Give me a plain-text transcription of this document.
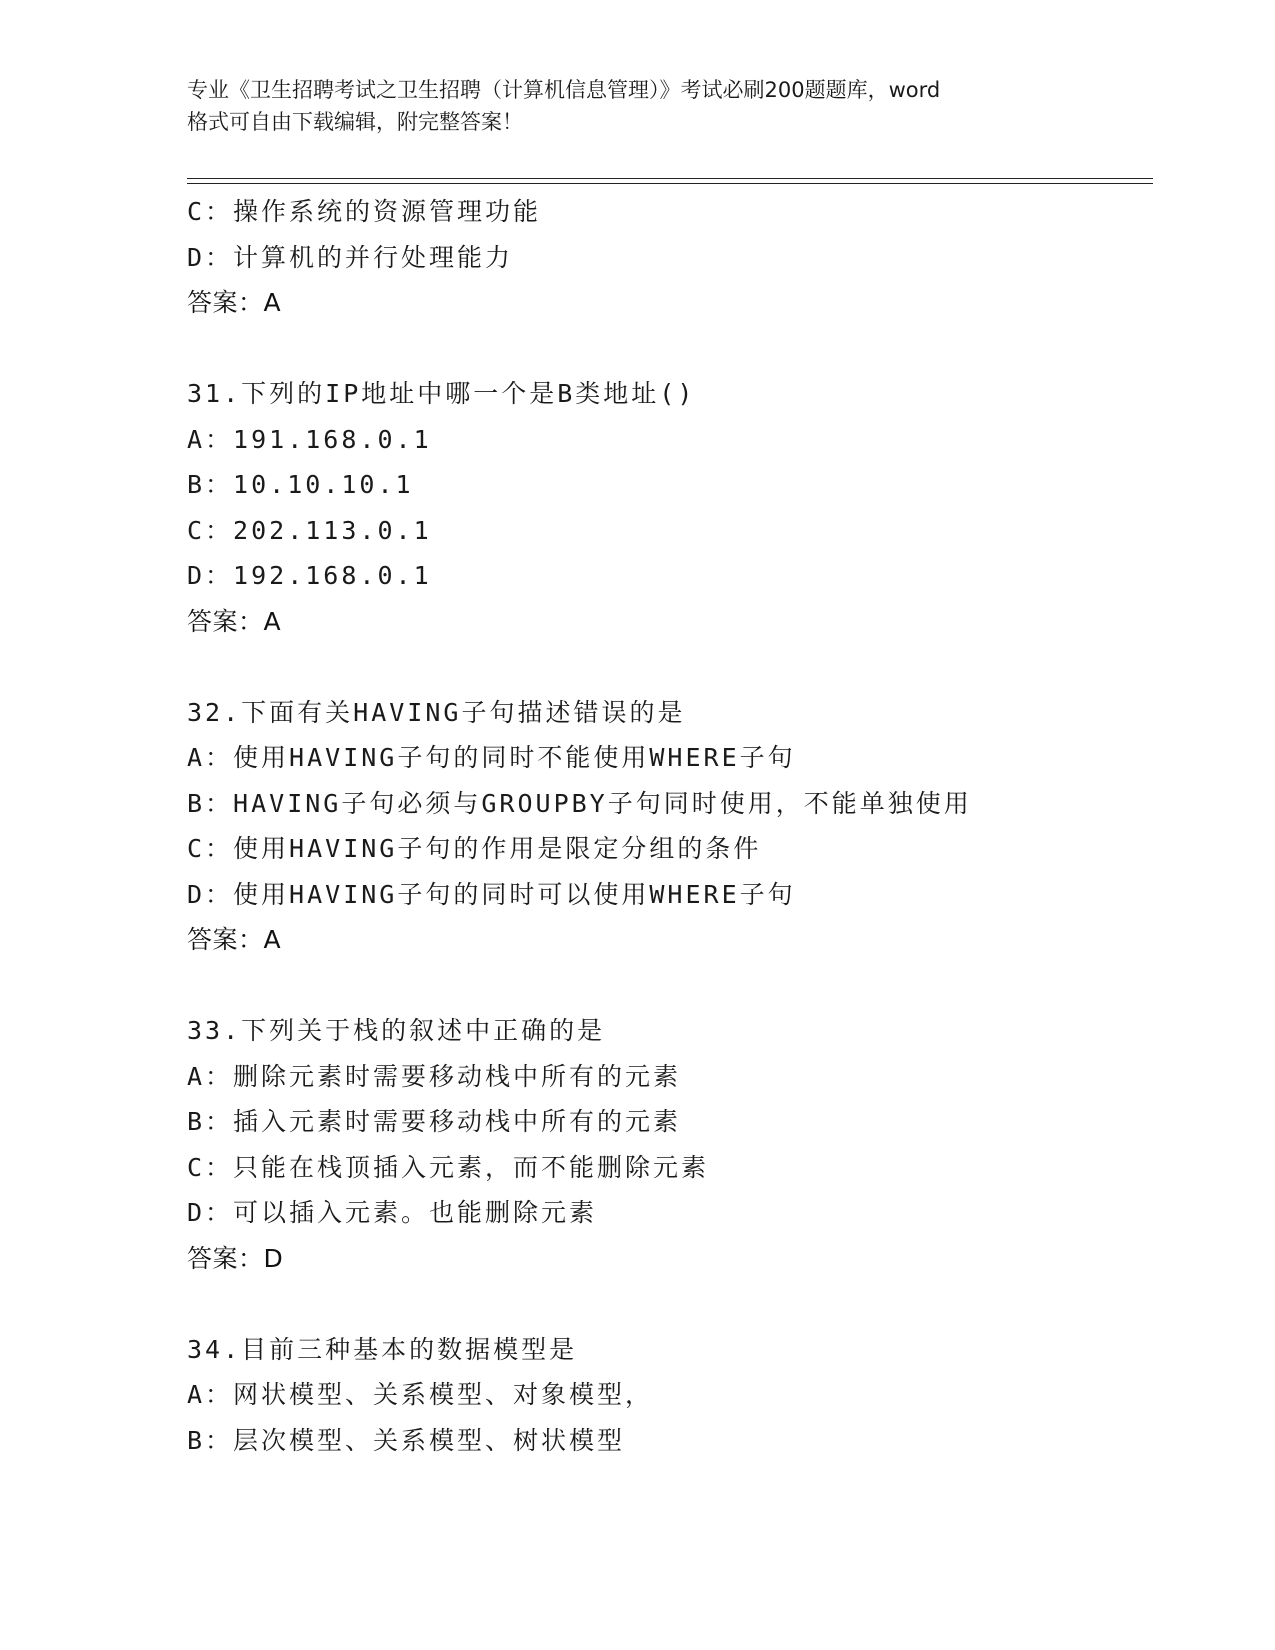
专业《卫生招聘考试之卫生招聘（计算机信息管理）》考试必刷200题题库，word
格式可自由下载编辑，附完整答案！
C：操作系统的资源管理功能
D：计算机的并行处理能力
答案：A
31.下列的IP地址中哪一个是B类地址()
A：191.168.0.1
B：10.10.10.1
C：202.113.0.1
D：192.168.0.1
答案：A
32.下面有关HAVING子句描述错误的是
A：使用HAVING子句的同时不能使用WHERE子句
B：HAVING子句必须与GROUPBY子句同时使用，不能单独使用
C：使用HAVING子句的作用是限定分组的条件
D：使用HAVING子句的同时可以使用WHERE子句
答案：A
33.下列关于栈的叙述中正确的是
A：删除元素时需要移动栈中所有的元素
B：插入元素时需要移动栈中所有的元素
C：只能在栈顶插入元素，而不能删除元素
D：可以插入元素。也能删除元素
答案：D
34.目前三种基本的数据模型是
A：网状模型、关系模型、对象模型，
B：层次模型、关系模型、树状模型
